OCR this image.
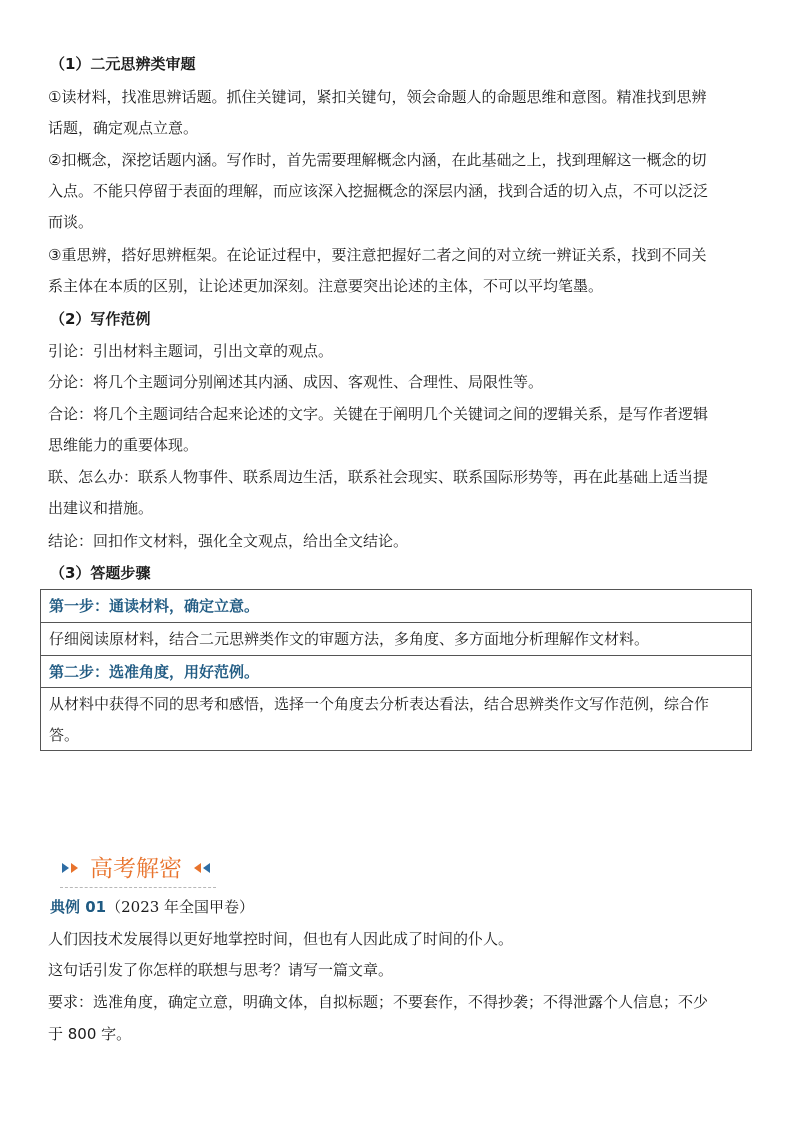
（1）二元思辨类审题
①读材料，找准思辨话题。抓住关键词，紧扣关键句，领会命题人的命题思维和意图。精准找到思辨
话题，确定观点立意。
②扣概念，深挖话题内涵。写作时，首先需要理解概念内涵，在此基础之上，找到理解这一概念的切
入点。不能只停留于表面的理解，而应该深入挖掘概念的深层内涵，找到合适的切入点，不可以泛泛
而谈。
③重思辨，搭好思辨框架。在论证过程中，要注意把握好二者之间的对立统一辨证关系，找到不同关
系主体在本质的区别，让论述更加深刻。注意要突出论述的主体，不可以平均笔墨。
（2）写作范例
引论：引出材料主题词，引出文章的观点。
分论：将几个主题词分别阐述其内涵、成因、客观性、合理性、局限性等。
合论：将几个主题词结合起来论述的文字。关键在于阐明几个关键词之间的逻辑关系，是写作者逻辑
思维能力的重要体现。
联、怎么办：联系人物事件、联系周边生活，联系社会现实、联系国际形势等，再在此基础上适当提
出建议和措施。
结论：回扣作文材料，强化全文观点，给出全文结论。
（3）答题步骤
第一步：通读材料，确定立意。
仔细阅读原材料，结合二元思辨类作文的审题方法，多角度、多方面地分析理解作文材料。
第二步：选准角度，用好范例。
从材料中获得不同的思考和感悟，选择一个角度去分析表达看法，结合思辨类作文写作范例，综合作
答。
高考解密
典例 01（2023 年全国甲卷）
人们因技术发展得以更好地掌控时间，但也有人因此成了时间的仆人。
这句话引发了你怎样的联想与思考？请写一篇文章。
要求：选准角度，确定立意，明确文体，自拟标题；不要套作，不得抄袭；不得泄露个人信息；不少
于 800 字。
